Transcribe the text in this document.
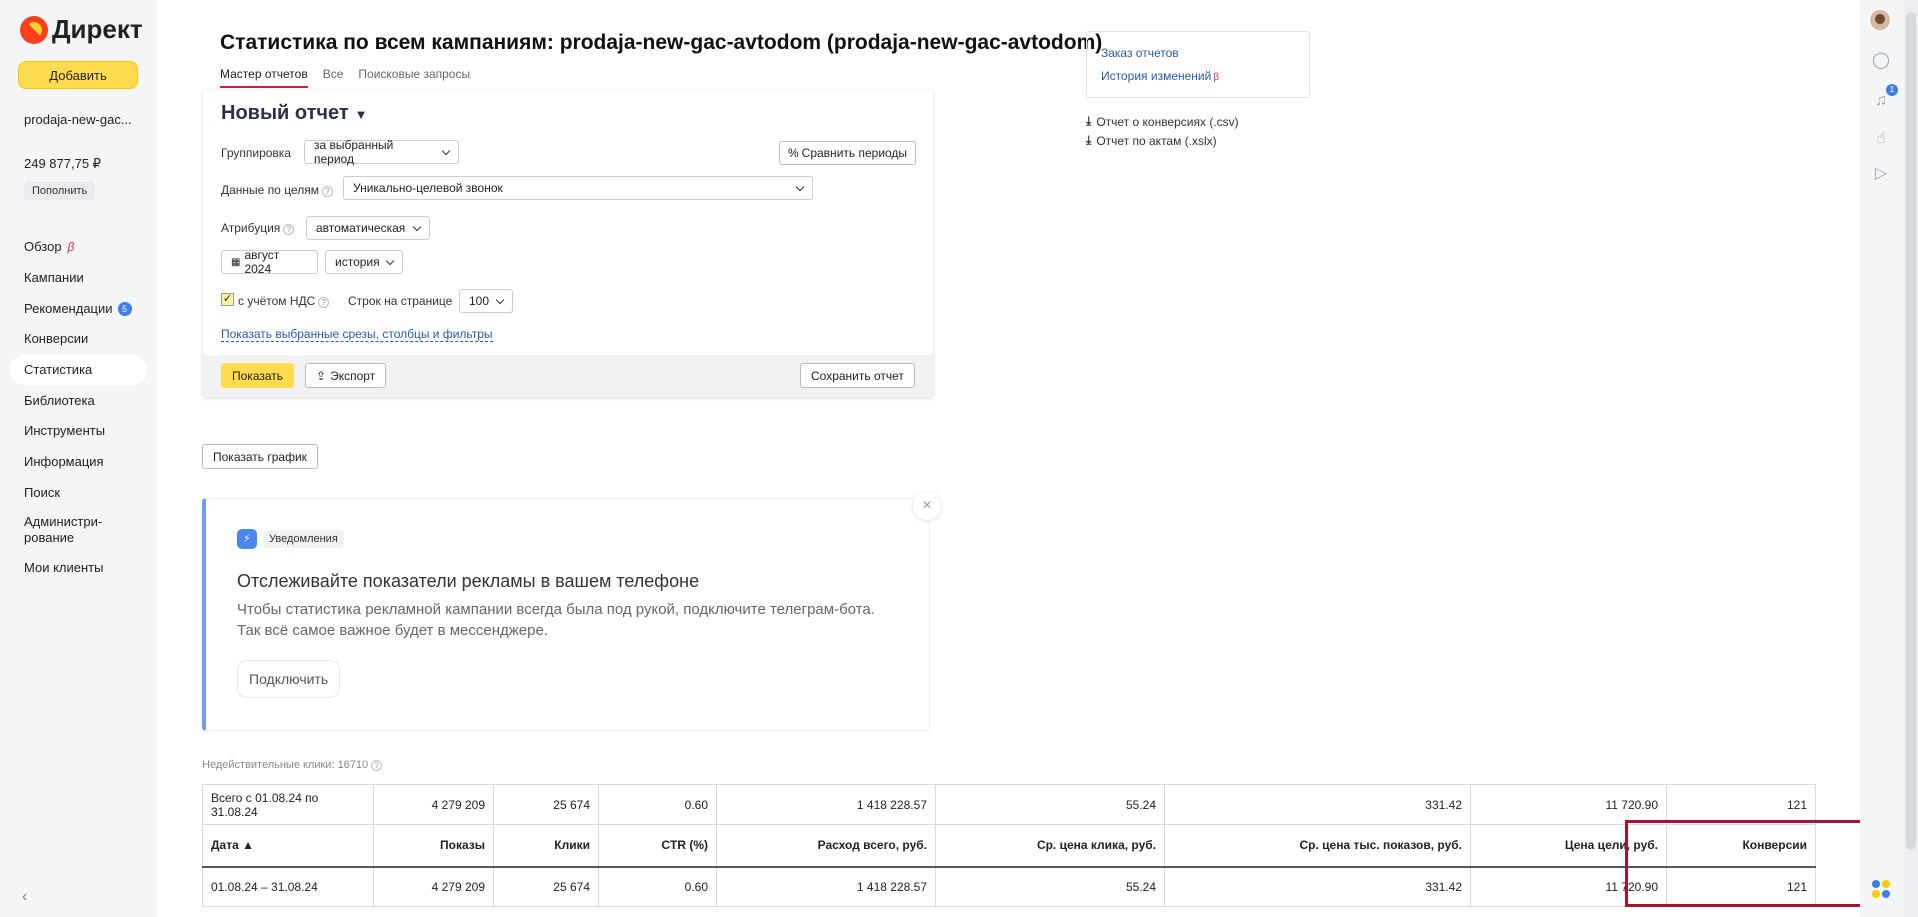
Директ
Добавить
prodaja-new-gac...
249 877,75 ₽
Пополнить
Обзор β
Кампании
Рекомендации	5
Конверсии
Статистика
Библиотека
Инструменты
Информация
Поиск
Администри-
рование
Мои клиенты
‹
Статистика по всем кампаниям: prodaja-new-gac-avtodom (prodaja-new-gac-avtodom)
Мастер отчетов Все Поисковые запросы
Новый отчет ▼
Группировка
за выбранный период	% Сравнить периоды
Данные по целям ? Уникально-целевой звонок
Атрибуция ? автоматическая
▦ август 2024	история
✓ с учётом НДС ? Строк на странице 100
Показать выбранные срезы, столбцы и фильтры
Показать	⇪ Экспорт	Сохранить отчет
Заказ отчетов
История изменений β
⤓ Отчет о конверсиях (.csv)
⤓ Отчет по актам (.xslx)
Показать график
⚡	Уведомления
Отслеживайте показатели рекламы в вашем телефоне
Чтобы статистика рекламной кампании всегда была под рукой, подключите телеграм-бота. Так всё самое важное будет в мессенджере.
Подключить
×
Недействительные клики: 16710 ?
Всего с 01.08.24 по 31.08.24	4 279 209	25 674	0.60	1 418 228.57	55.24	331.42	11 720.90	121
Дата ▲	Показы	Клики	CTR (%)	Расход всего, руб.	Ср. цена клика, руб.	Ср. цена тыс. показов, руб.	Цена цели, руб.	Конверсии
01.08.24 – 31.08.24	4 279 209	25 674	0.60	1 418 228.57	55.24	331.42	11 720.90	121
◯
♫
1
☝
▷
